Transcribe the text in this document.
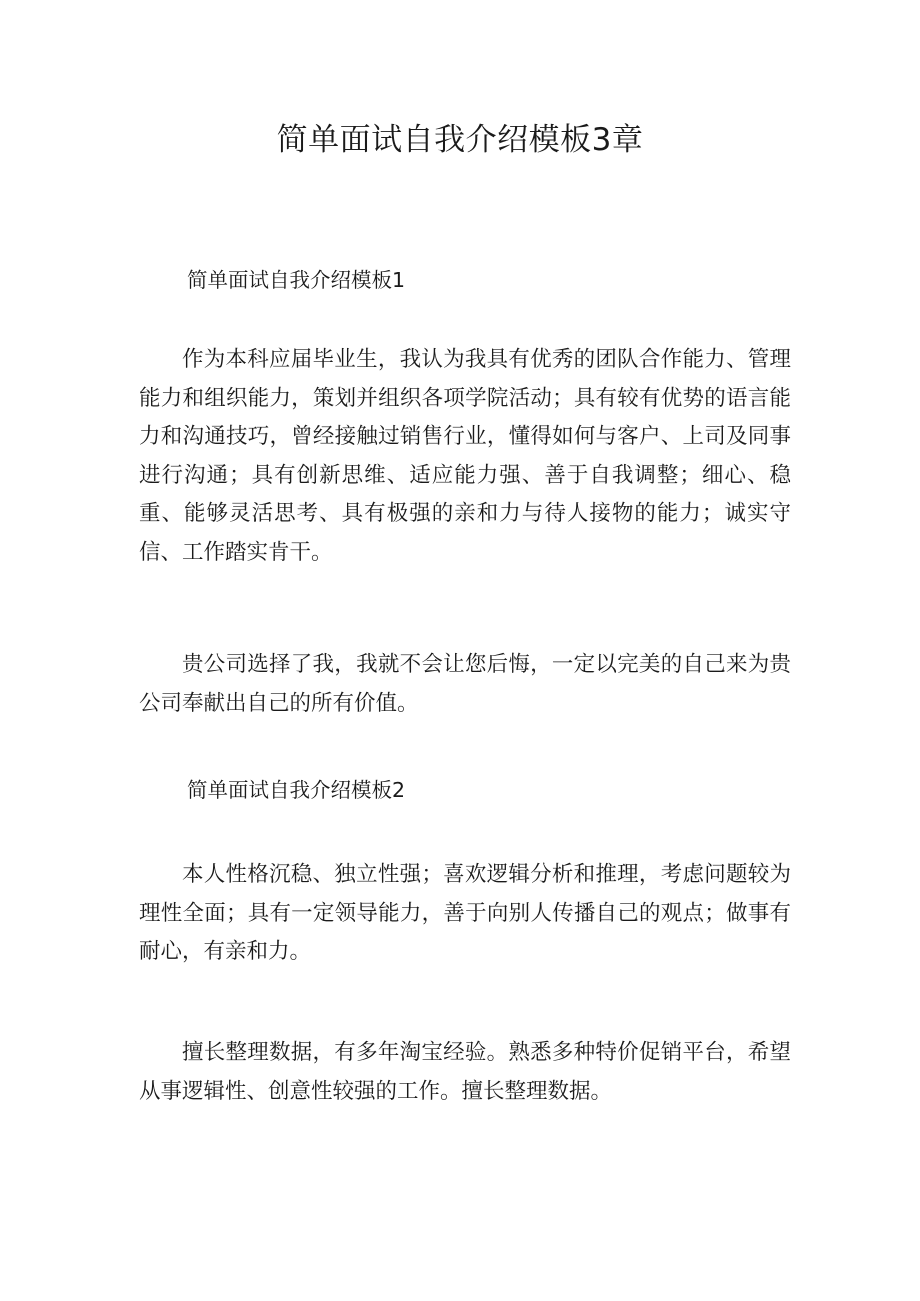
简单面试自我介绍模板3章
简单面试自我介绍模板1

作为本科应届毕业生，我认为我具有优秀的团队合作能力、管理能力和组织能力，策划并组织各项学院活动；具有较有优势的语言能力和沟通技巧，曾经接触过销售行业，懂得如何与客户、上司及同事进行沟通；具有创新思维、适应能力强、善于自我调整；细心、稳重、能够灵活思考、具有极强的亲和力与待人接物的能力；诚实守信、工作踏实肯干。

贵公司选择了我，我就不会让您后悔，一定以完美的自己来为贵公司奉献出自己的所有价值。

简单面试自我介绍模板2

本人性格沉稳、独立性强；喜欢逻辑分析和推理，考虑问题较为理性全面；具有一定领导能力，善于向别人传播自己的观点；做事有耐心，有亲和力。

擅长整理数据，有多年淘宝经验。熟悉多种特价促销平台，希望从事逻辑性、创意性较强的工作。擅长整理数据。
